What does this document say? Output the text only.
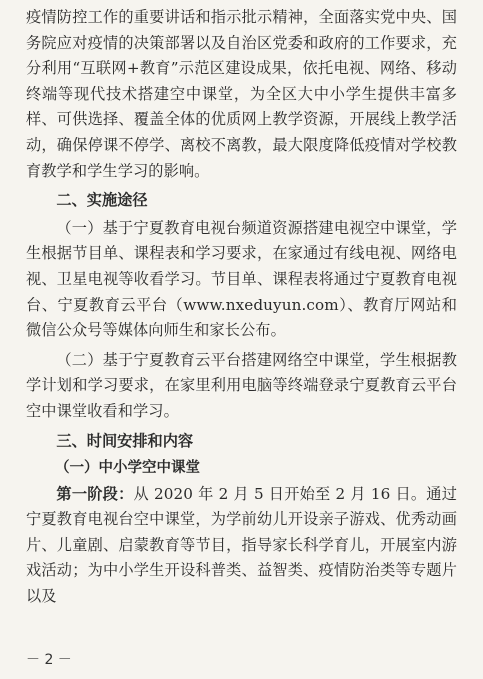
疫情防控工作的重要讲话和指示批示精神，全面落实党中央、国务院应对疫情的决策部署以及自治区党委和政府的工作要求，充分利用“互联网+教育”示范区建设成果，依托电视、网络、移动终端等现代技术搭建空中课堂，为全区大中小学生提供丰富多样、可供选择、覆盖全体的优质网上教学资源，开展线上教学活动，确保停课不停学、离校不离教，最大限度降低疫情对学校教育教学和学生学习的影响。

二、实施途径

（一）基于宁夏教育电视台频道资源搭建电视空中课堂，学生根据节目单、课程表和学习要求，在家通过有线电视、网络电视、卫星电视等收看学习。节目单、课程表将通过宁夏教育电视台、宁夏教育云平台（www.nxeduyun.com）、教育厅网站和微信公众号等媒体向师生和家长公布。

（二）基于宁夏教育云平台搭建网络空中课堂，学生根据教学计划和学习要求，在家里利用电脑等终端登录宁夏教育云平台空中课堂收看和学习。

三、时间安排和内容
（一）中小学空中课堂

第一阶段：从 2020 年 2 月 5 日开始至 2 月 16 日。通过宁夏教育电视台空中课堂，为学前幼儿开设亲子游戏、优秀动画片、儿童剧、启蒙教育等节目，指导家长科学育儿，开展室内游戏活动；为中小学生开设科普类、益智类、疫情防治类等专题片以及

－ 2 －
